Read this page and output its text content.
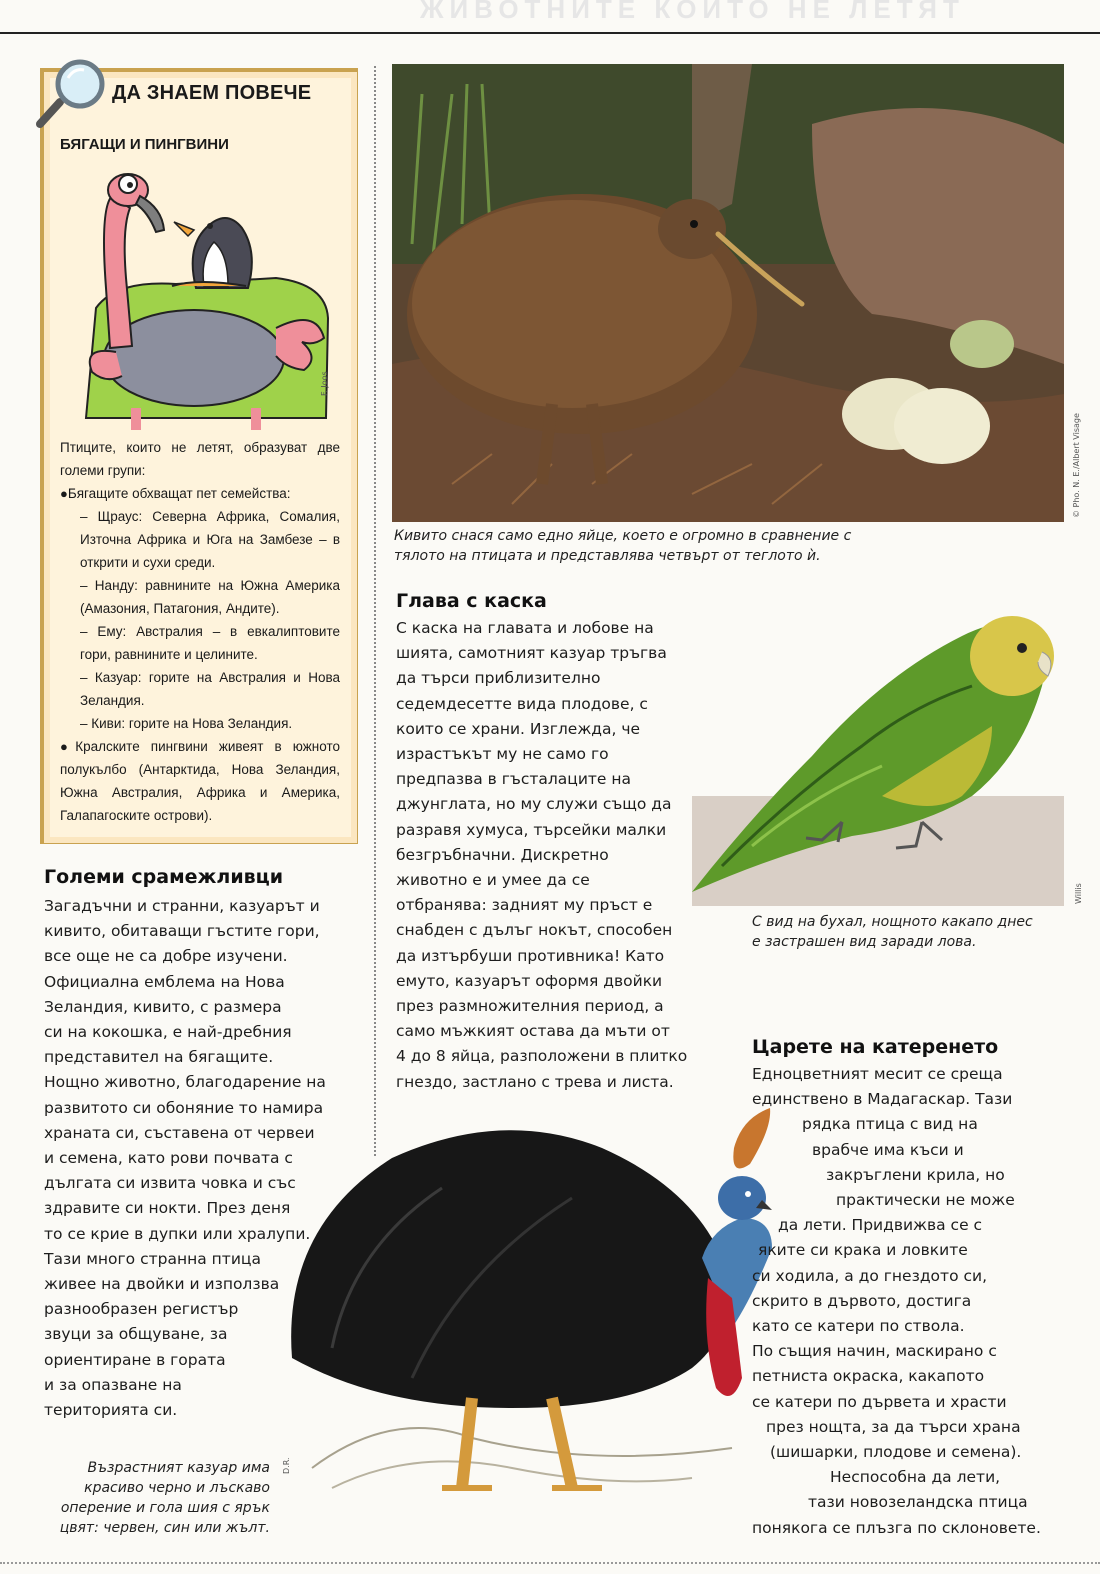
ЖИВОТНИТЕ КОИТО НЕ ЛЕТЯТ
ДА ЗНАЕМ ПОВЕЧЕ
БЯГАЩИ И ПИНГВИНИ
F. Joos

Птиците, които не летят, образуват две големи групи:

● Бягащите обхващат пет семейства:

– Щраус: Северна Африка, Сомалия, Източна Африка и Юга на Замбезе – в открити и сухи среди.

– Нанду: равнините на Южна Америка (Амазония, Патагония, Андите).

– Ему: Австралия – в евкалиптовите гори, равнините и целините.

– Казуар: горите на Австралия и Нова Зеландия.

– Киви: горите на Нова Зеландия.

● Кралските пингвини живеят в южното полукълбо (Антарктида, Нова Зеландия, Южна Австралия, Африка и Америка, Галапагоските острови).

Големи срамежливци

Загадъчни и странни, казуарът и

кивито, обитаващи гъстите гори,

все още не са добре изучени.

Официална емблема на Нова

Зеландия, кивито, с размера

си на кокошка, е най-дребния

представител на бягащите.

Нощно животно, благодарение на

развитото си обоняние то намира

храната си, съставена от червеи

и семена, като рови почвата с

дългата си извита човка и със

здравите си нокти. През деня

то се крие в дупки или хралупи.

Тази много странна птица

живее на двойки и използва

разнообразен регистър

звуци за общуване, за

ориентиране в гората

и за опазване на

територията си.

© Pho. N. E./Albert Visage
Кивито снася само едно яйце, което е огромно в сравнение с
тялото на птицата и представлява четвърт от теглото ѝ.
Глава с каска

С каска на главата и лобове на

шията, самотният казуар тръгва

да търси приблизително

седемдесетте вида плодове, с

които се храни. Изглежда, че

израстъкът му не само го

предпазва в гъсталаците на

джунглата, но му служи също да

разравя хумуса, търсейки малки

безгръбначни. Дискретно

животно е и умее да се

отбранява: задният му пръст е

снабден с дълъг нокът, способен

да изтърбуши противника! Като

емуто, казуарът оформя двойки

през размножителния период, а

само мъжкият остава да мъти от

4 до 8 яйца, разположени в плитко

гнездо, застлано с трева и листа.

Willis
С вид на бухал, нощното какапо днес
е застрашен вид заради лова.
D.R.
Възрастният казуар има
красиво черно и лъскаво
оперение и гола шия с ярък
цвят: червен, син или жълт.
Царете на катеренето

Едноцветният месит се среща

единствено в Мадагаскар. Тази

рядка птица с вид на

врабче има къси и

закръглени крила, но

практически не може

да лети. Придвижва се с

яките си крака и ловките

си ходила, а до гнездото си,

скрито в дървото, достига

като се катери по ствола.

По същия начин, маскирано с

петниста окраска, какапото

се катери по дървета и храсти

през нощта, за да търси храна

(шишарки, плодове и семена).

Неспособна да лети,

тази новозеландска птица

понякога се плъзга по склоновете.
